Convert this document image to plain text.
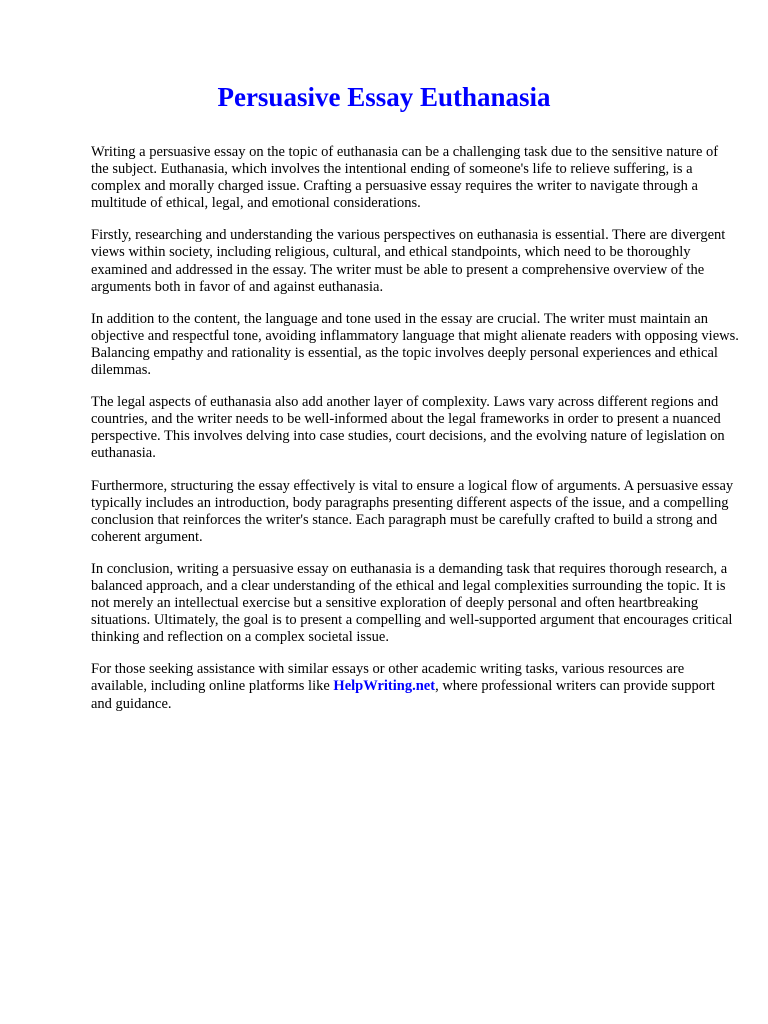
Persuasive Essay Euthanasia

Writing a persuasive essay on the topic of euthanasia can be a challenging task due to the sensitive nature of the subject. Euthanasia, which involves the intentional ending of someone's life to relieve suffering, is a complex and morally charged issue. Crafting a persuasive essay requires the writer to navigate through a multitude of ethical, legal, and emotional considerations.

Firstly, researching and understanding the various perspectives on euthanasia is essential. There are divergent views within society, including religious, cultural, and ethical standpoints, which need to be thoroughly examined and addressed in the essay. The writer must be able to present a comprehensive overview of the arguments both in favor of and against euthanasia.

In addition to the content, the language and tone used in the essay are crucial. The writer must maintain an objective and respectful tone, avoiding inflammatory language that might alienate readers with opposing views. Balancing empathy and rationality is essential, as the topic involves deeply personal experiences and ethical dilemmas.

The legal aspects of euthanasia also add another layer of complexity. Laws vary across different regions and countries, and the writer needs to be well-informed about the legal frameworks in order to present a nuanced perspective. This involves delving into case studies, court decisions, and the evolving nature of legislation on euthanasia.

Furthermore, structuring the essay effectively is vital to ensure a logical flow of arguments. A persuasive essay typically includes an introduction, body paragraphs presenting different aspects of the issue, and a compelling conclusion that reinforces the writer's stance. Each paragraph must be carefully crafted to build a strong and coherent argument.

In conclusion, writing a persuasive essay on euthanasia is a demanding task that requires thorough research, a balanced approach, and a clear understanding of the ethical and legal complexities surrounding the topic. It is not merely an intellectual exercise but a sensitive exploration of deeply personal and often heartbreaking situations. Ultimately, the goal is to present a compelling and well-supported argument that encourages critical thinking and reflection on a complex societal issue.

For those seeking assistance with similar essays or other academic writing tasks, various resources are available, including online platforms like HelpWriting.net, where professional writers can provide support and guidance.
